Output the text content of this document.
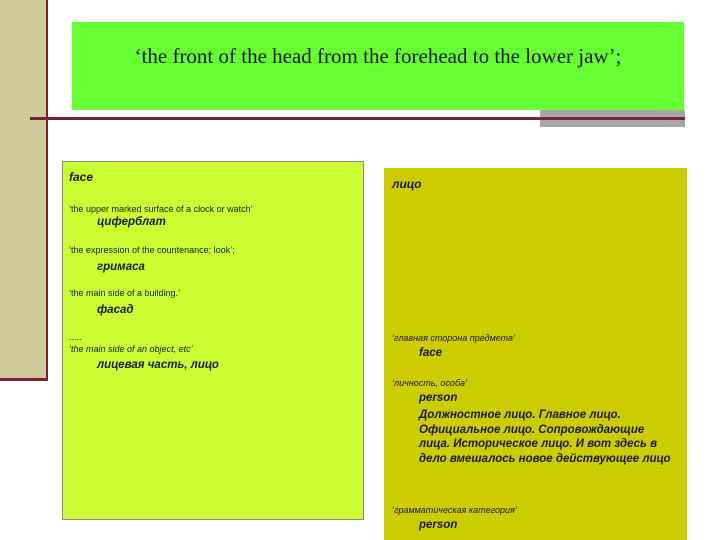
‘the front of the head from the forehead to the lower jaw’;
face
‘the upper marked surface of a clock or watch’
циферблат
‘the expression of the countenance; look’;
гримаса
‘the main side of a building.’
фасад
.....
‘the main side of an object, etc’
лицевая часть, лицо
лицо
‘главная сторона предмета’
face
‘личность, особа’
person
Должностное лицо. Главное лицо. Официальное лицо. Сопровождающие лица. Историческое лицо. И вот здесь в дело вмешалось новое действующее лицо
‘грамматическая категория’
person
